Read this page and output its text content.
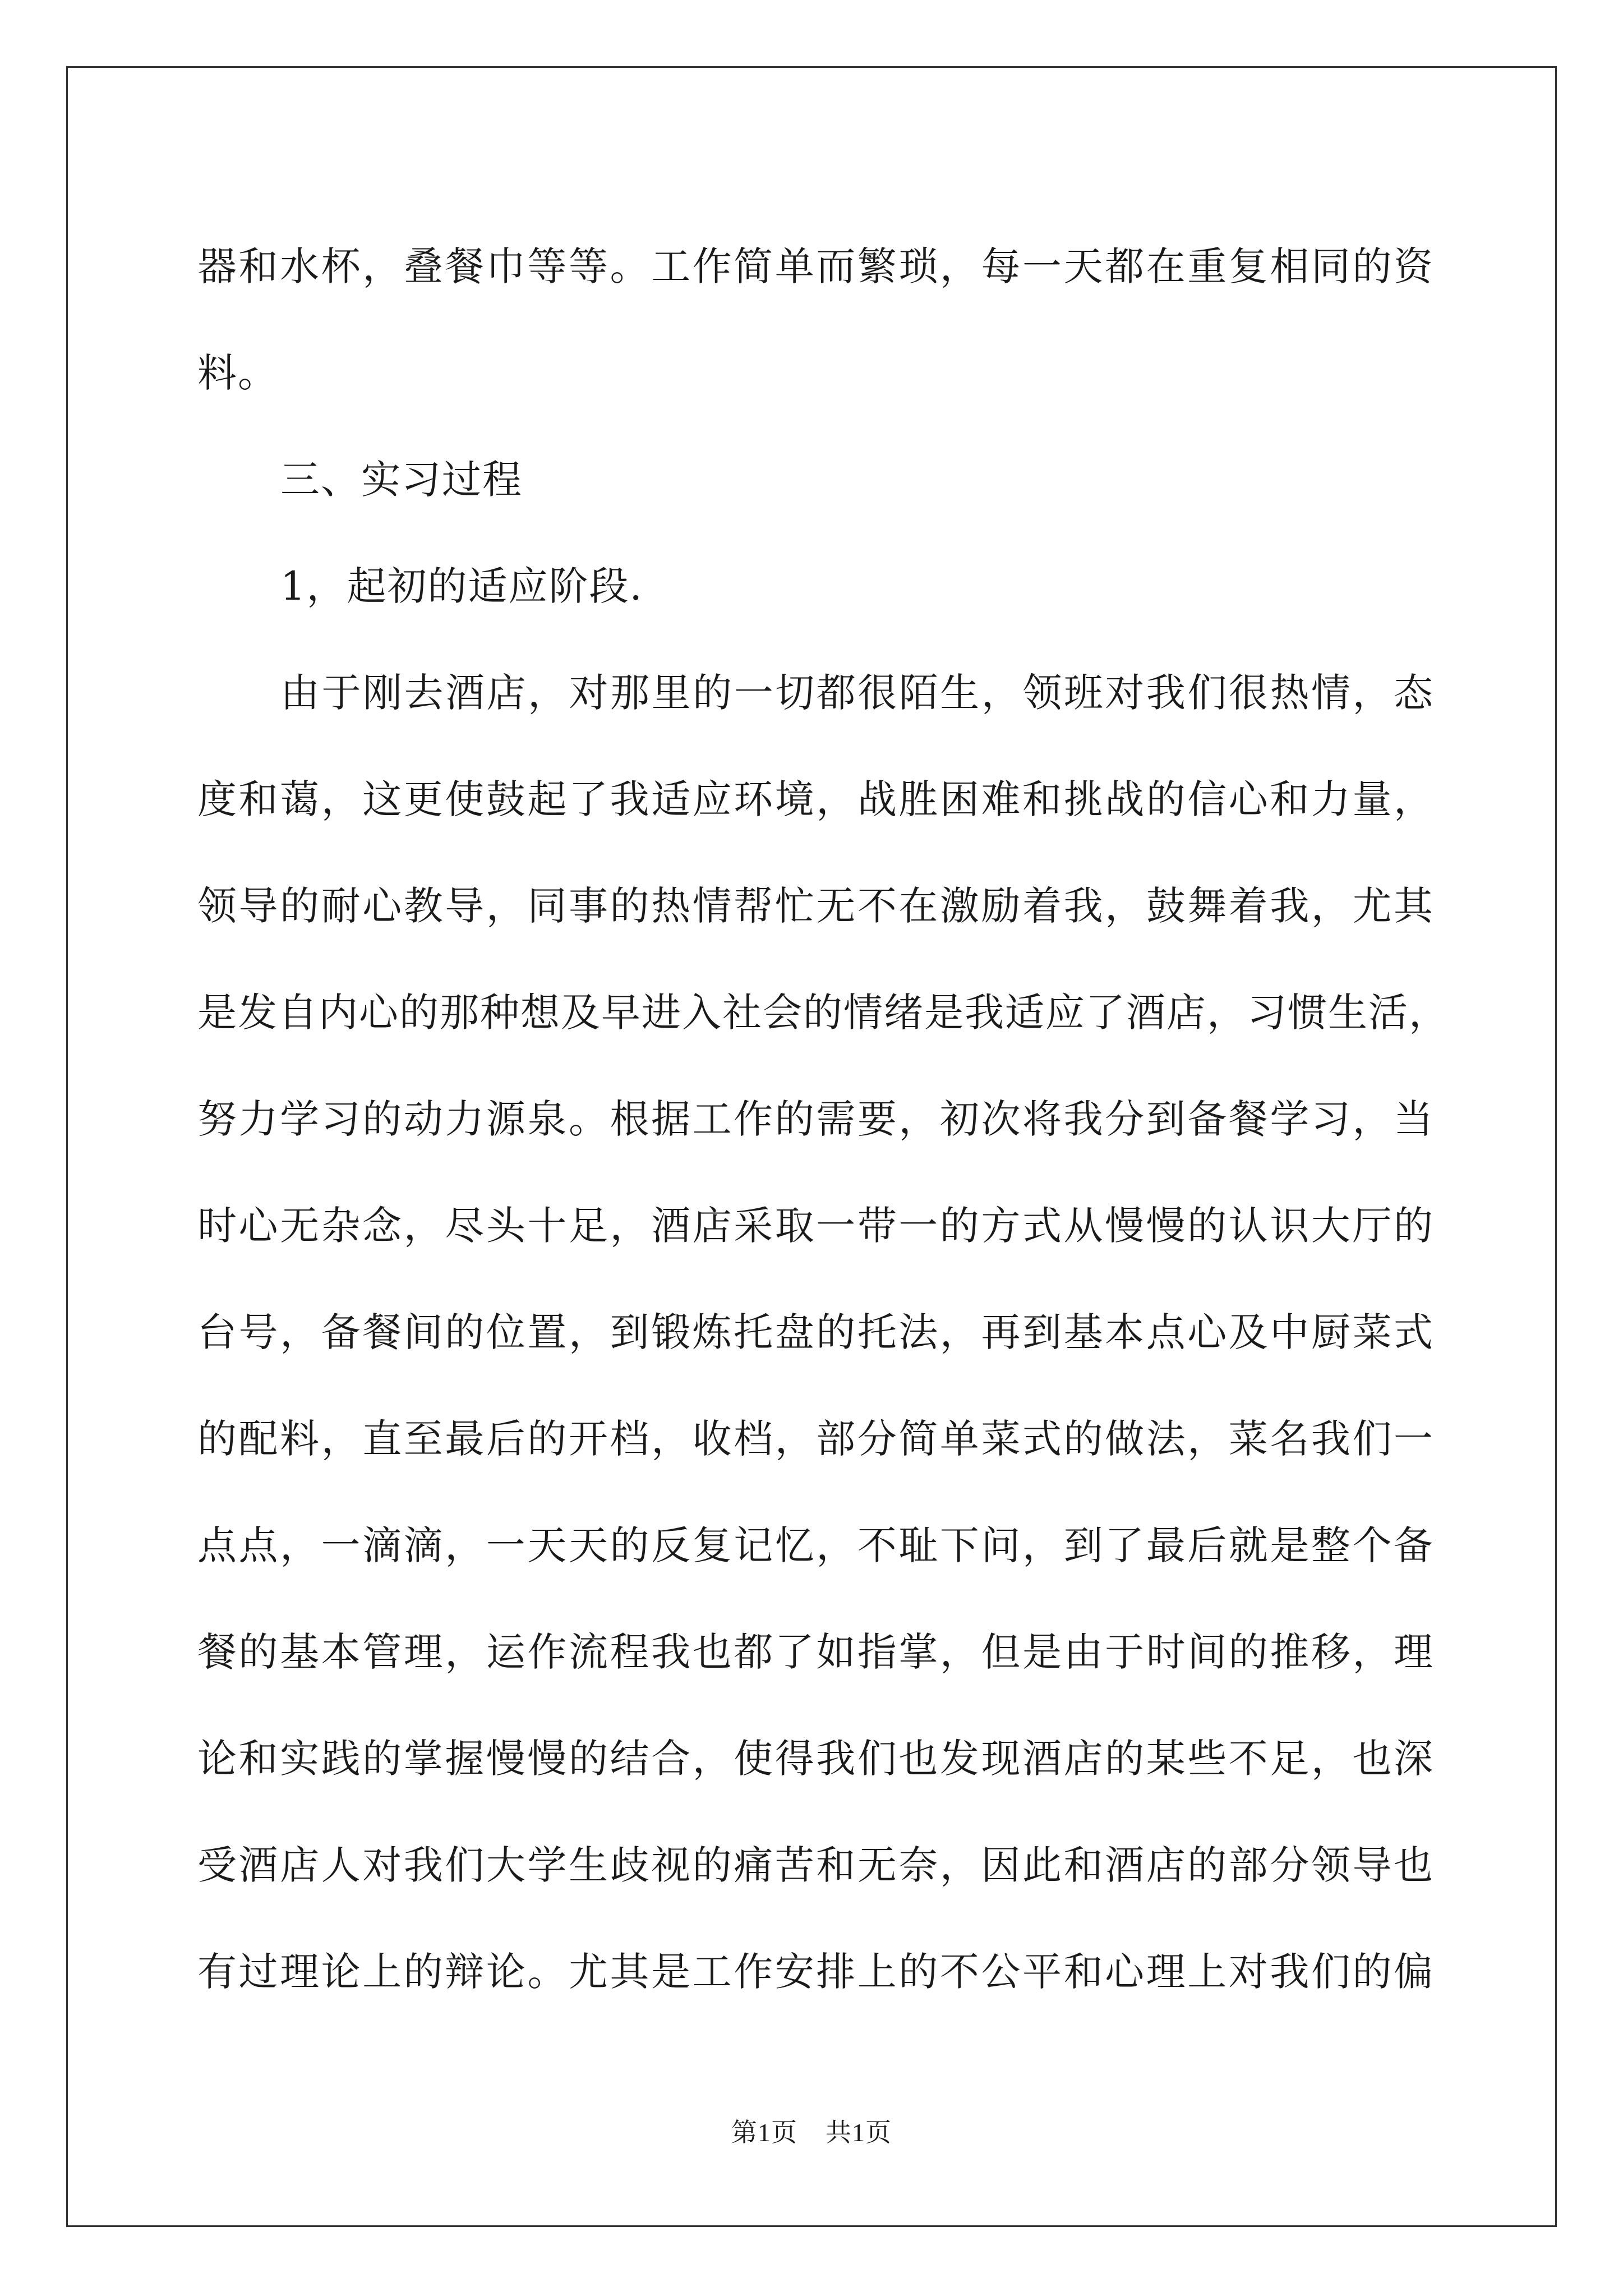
器和水杯，叠餐巾等等。工作简单而繁琐，每一天都在重复相同的资
料。
三、实习过程
1，起初的适应阶段.
由于刚去酒店，对那里的一切都很陌生，领班对我们很热情，态
度和蔼，这更使鼓起了我适应环境，战胜困难和挑战的信心和力量，
领导的耐心教导，同事的热情帮忙无不在激励着我，鼓舞着我，尤其
是发自内心的那种想及早进入社会的情绪是我适应了酒店，习惯生活，
努力学习的动力源泉。根据工作的需要，初次将我分到备餐学习，当
时心无杂念，尽头十足，酒店采取一带一的方式从慢慢的认识大厅的
台号，备餐间的位置，到锻炼托盘的托法，再到基本点心及中厨菜式
的配料，直至最后的开档，收档，部分简单菜式的做法，菜名我们一
点点，一滴滴，一天天的反复记忆，不耻下问，到了最后就是整个备
餐的基本管理，运作流程我也都了如指掌，但是由于时间的推移，理
论和实践的掌握慢慢的结合，使得我们也发现酒店的某些不足，也深
受酒店人对我们大学生歧视的痛苦和无奈，因此和酒店的部分领导也
有过理论上的辩论。尤其是工作安排上的不公平和心理上对我们的偏
第1页 共1页
